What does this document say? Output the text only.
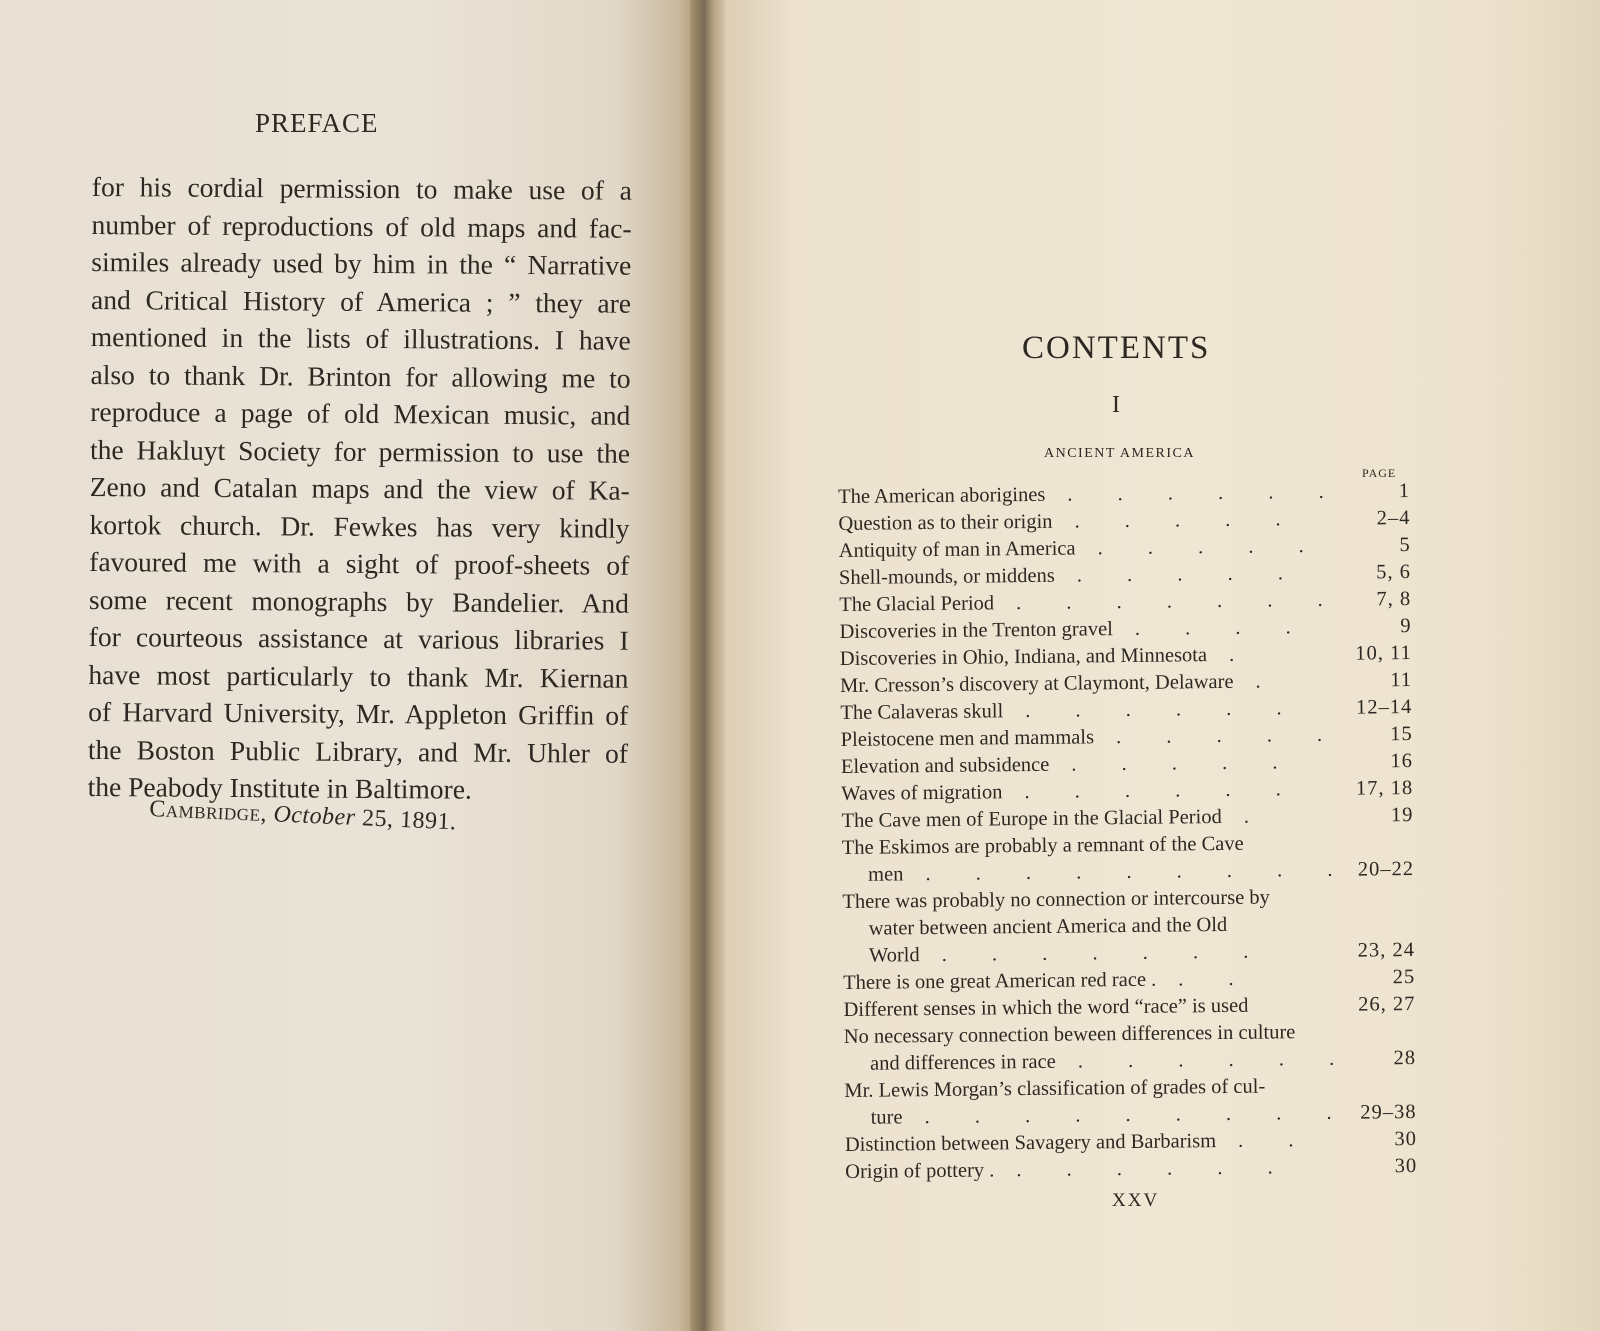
PREFACE
for his cordial permission to make use of a
number of reproductions of old maps and fac-
similes already used by him in the “ Narrative
and Critical History of America ; ” they are
mentioned in the lists of illustrations. I have
also to thank Dr. Brinton for allowing me to
reproduce a page of old Mexican music, and
the Hakluyt Society for permission to use the
Zeno and Catalan maps and the view of Ka-
kortok church. Dr. Fewkes has very kindly
favoured me with a sight of proof-sheets of
some recent monographs by Bandelier. And
for courteous assistance at various libraries I
have most particularly to thank Mr. Kiernan
of Harvard University, Mr. Appleton Griffin of
the Boston Public Library, and Mr. Uhler of
the Peabody Institute in Baltimore.
Cambridge, October 25, 1891.
CONTENTS
I
ANCIENT AMERICA
PAGE
The American aborigines . . . . . .	1
Question as to their origin . . . . .	2–4
Antiquity of man in America . . . . .	5
Shell-mounds, or middens . . . . .	5, 6
The Glacial Period . . . . . . . 7, 8
Discoveries in the Trenton gravel . . . .	9
Discoveries in Ohio, Indiana, and Minnesota .	10, 11
Mr. Cresson’s discovery at Claymont, Delaware .	11
The Calaveras skull . . . . . .	12–14
Pleistocene men and mammals . . . . . 15
Elevation and subsidence . . . . .	16
Waves of migration . . . . . .	17, 18
The Cave men of Europe in the Glacial Period .	19
The Eskimos are probably a remnant of the Cave
men . . . . . . . . . 20–22
There was probably no connection or intercourse by
water between ancient America and the Old
World . . . . . . .	23, 24
There is one great American red race . . .	25
Different senses in which the word “race” is used	26, 27
No necessary connection beween differences in culture
and differences in race . . . . . . 28
Mr. Lewis Morgan’s classification of grades of cul-
ture . . . . . . . . . 29–38
Distinction between Savagery and Barbarism . .	30
Origin of pottery . . . . . . .	30
XXV
